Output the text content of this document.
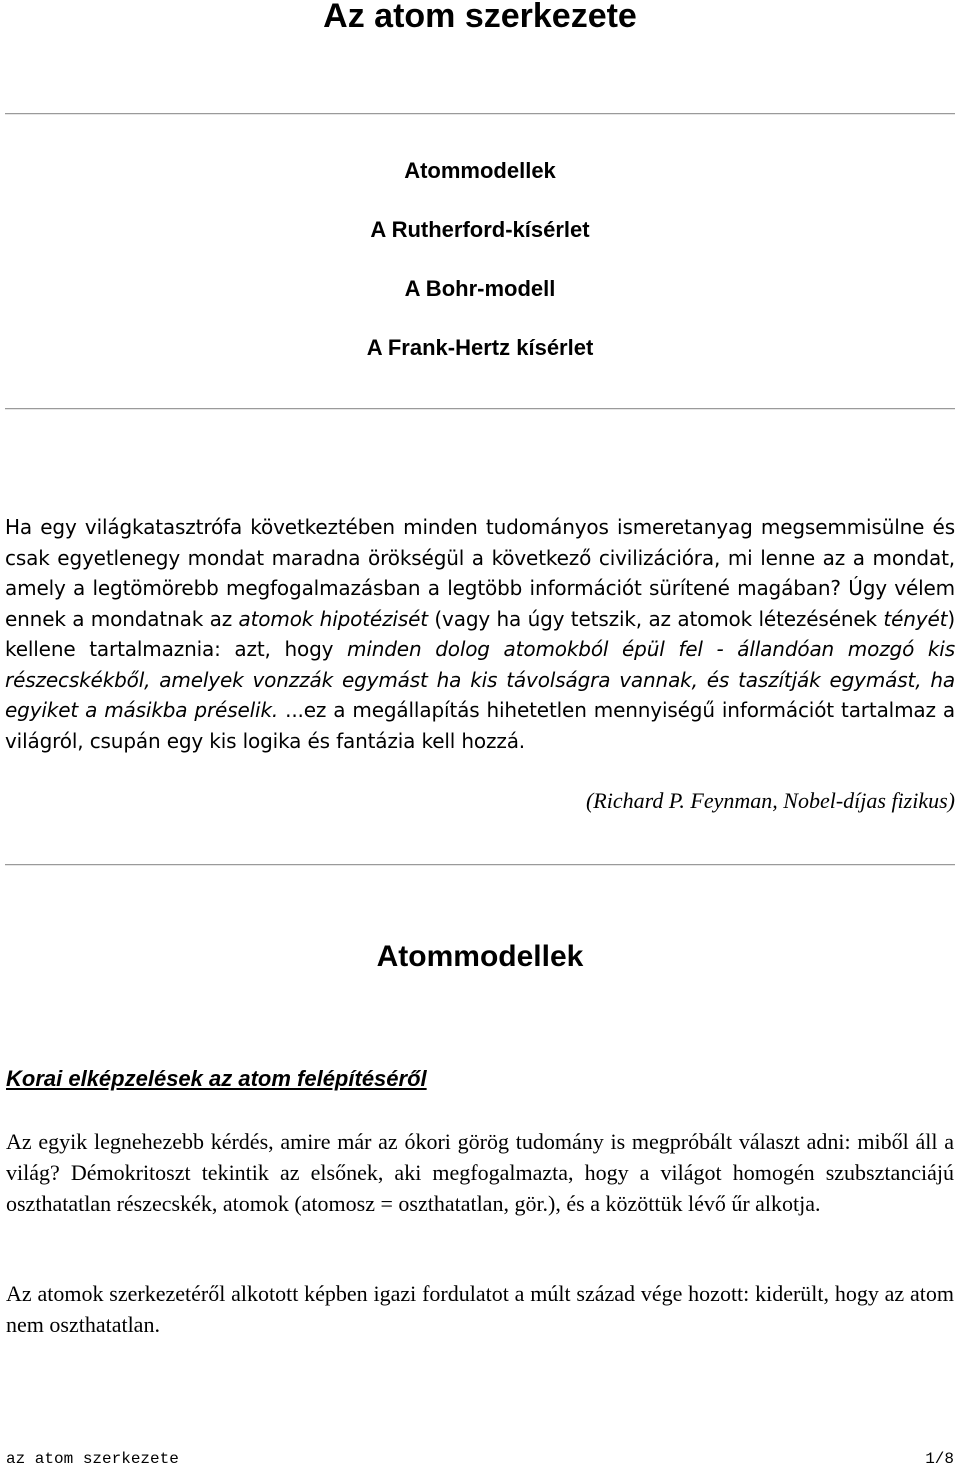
Az atom szerkezete

Atommodellek

A Rutherford-kísérlet

A Bohr-modell

A Frank-Hertz kísérlet

Ha egy világkatasztrófa következtében minden tudományos ismeretanyag megsemmisülne és csak egyetlenegy mondat maradna örökségül a következő civilizációra, mi lenne az a mondat, amely a legtömörebb megfogalmazásban a legtöbb információt sürítené magában? Úgy vélem ennek a mondatnak az atomok hipotézisét (vagy ha úgy tetszik, az atomok létezésének tényét) kellene tartalmaznia: azt, hogy minden dolog atomokból épül fel - állandóan mozgó kis részecskékből, amelyek vonzzák egymást ha kis távolságra vannak, és taszítják egymást, ha egyiket a másikba préselik. ...ez a megállapítás hihetetlen mennyiségű információt tartalmaz a világról, csupán egy kis logika és fantázia kell hozzá.

(Richard P. Feynman, Nobel-díjas fizikus)

Atommodellek
Korai elképzelések az atom felépítéséről

Az egyik legnehezebb kérdés, amire már az ókori görög tudomány is megpróbált választ adni: miből áll a világ? Démokritoszt tekintik az elsőnek, aki megfogalmazta, hogy a világot homogén szubsztanciájú oszthatatlan részecskék, atomok (atomosz = oszthatatlan, gör.), és a közöttük lévő űr alkotja.

Az atomok szerkezetéről alkotott képben igazi fordulatot a múlt század vége hozott: kiderült, hogy az atom nem oszthatatlan.

az atom szerkezete	1/8
